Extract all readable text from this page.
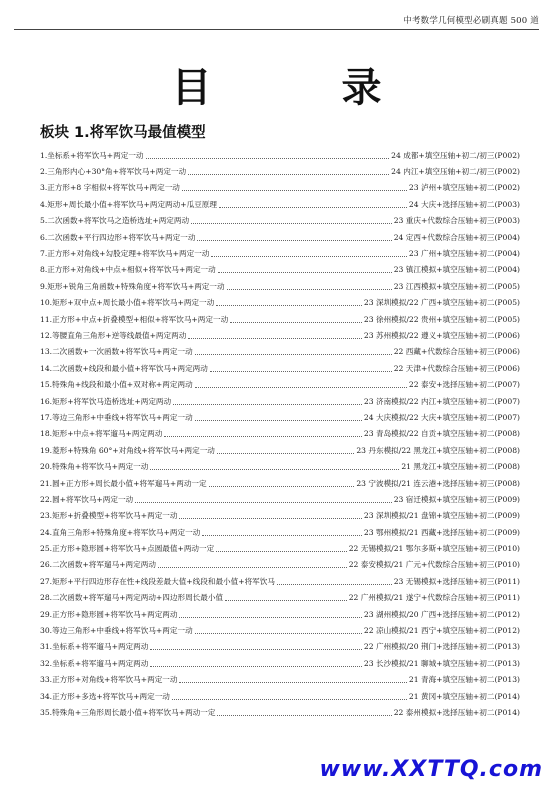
中考数学几何模型必刷真题 500 道
目	录
板块 1.将军饮马最值模型
1. 坐标系+将军饮马+两定一动	24 成都+填空压轴+初二/初三(P002)
2. 三角形内心+30°角+将军饮马+两定一动	24 内江+填空压轴+初二/初三(P002)
3. 正方形+8 字相似+将军饮马+两定一动	23 泸州+填空压轴+初二(P002)
4. 矩形+周长最小值+将军饮马+两定两动+瓜豆原理	24 大庆+选择压轴+初二(P003)
5. 二次函数+将军饮马之造桥选址+两定两动	23 重庆+代数综合压轴+初三(P003)
6. 二次函数+平行四边形+将军饮马+两定一动	24 定西+代数综合压轴+初三(P004)
7. 正方形+对角线+勾股定理+将军饮马+两定一动	23 广州+填空压轴+初二(P004)
8. 正方形+对角线+中点+相似+将军饮马+两定一动	23 镇江模拟+填空压轴+初二(P004)
9. 矩形+锐角三角函数+特殊角度+将军饮马+两定一动	23 江西模拟+填空压轴+初二(P005)
10. 矩形+双中点+周长最小值+将军饮马+两定一动	23 深圳模拟/22 广西+填空压轴+初二(P005)
11. 正方形+中点+折叠模型+相似+将军饮马+两定一动	23 徐州模拟/22 贵州+填空压轴+初二(P005)
12. 等腰直角三角形+逆等线最值+两定两动	23 苏州模拟/22 遵义+填空压轴+初二(P006)
13. 二次函数+一次函数+将军饮马+两定一动	22 西藏+代数综合压轴+初三(P006)
14. 二次函数+线段和最小值+将军饮马+两定两动	22 天津+代数综合压轴+初三(P006)
15. 特殊角+线段和最小值+双对称+两定两动	22 泰安+选择压轴+初二(P007)
16. 矩形+将军饮马造桥选址+两定两动	23 济南模拟/22 内江+填空压轴+初二(P007)
17. 等边三角形+中垂线+将军饮马+两定一动	24 大庆模拟/22 大庆+填空压轴+初二(P007)
18. 矩形+中点+将军遛马+两定两动	23 青岛模拟/22 自贡+填空压轴+初二(P008)
19. 菱形+特殊角 60°+对角线+将军饮马+两定一动	23 丹东模拟/22 黑龙江+填空压轴+初二(P008)
20. 特殊角+将军饮马+两定一动	21 黑龙江+填空压轴+初二(P008)
21. 圆+正方形+周长最小值+将军遛马+两动一定	23 宁波模拟/21 连云港+选择压轴+初三(P008)
22. 圆+将军饮马+两定一动	23 宿迁模拟+填空压轴+初三(P009)
23. 矩形+折叠模型+将军饮马+两定一动	23 深圳模拟/21 盘锦+填空压轴+初二(P009)
24. 直角三角形+特殊角度+将军饮马+两定一动	23 鄂州模拟/21 西藏+选择压轴+初二(P009)
25. 正方形+隐形圆+将军饮马+点圆最值+两动一定	22 无锡模拟/21 鄂尔多斯+填空压轴+初三(P010)
26. 二次函数+将军遛马+两定两动	22 泰安模拟/21 广元+代数综合压轴+初三(P010)
27. 矩形+平行四边形存在性+线段差最大值+线段和最小值+将军饮马	23 无锡模拟+选择压轴+初三(P011)
28. 二次函数+将军遛马+两定两动+四边形周长最小值	22 广州模拟/21 遂宁+代数综合压轴+初三(P011)
29. 正方形+隐形圆+将军饮马+两定两动	23 湖州模拟/20 广西+选择压轴+初二(P012)
30. 等边三角形+中垂线+将军饮马+两定一动	22 凉山模拟/21 西宁+填空压轴+初二(P012)
31. 坐标系+将军遛马+两定两动	22 广州模拟/20 荆门+选择压轴+初二(P013)
32. 坐标系+将军遛马+两定两动	23 长沙模拟/21 聊城+填空压轴+初二(P013)
33. 正方形+对角线+将军饮马+两定一动	21 青海+填空压轴+初二(P013)
34. 正方形+多选+将军饮马+两定一动	21 黄冈+填空压轴+初二(P014)
35. 特殊角+三角形周长最小值+将军饮马+两动一定	22 泰州模拟+选择压轴+初二(P014)
www.XXTTQ.com
